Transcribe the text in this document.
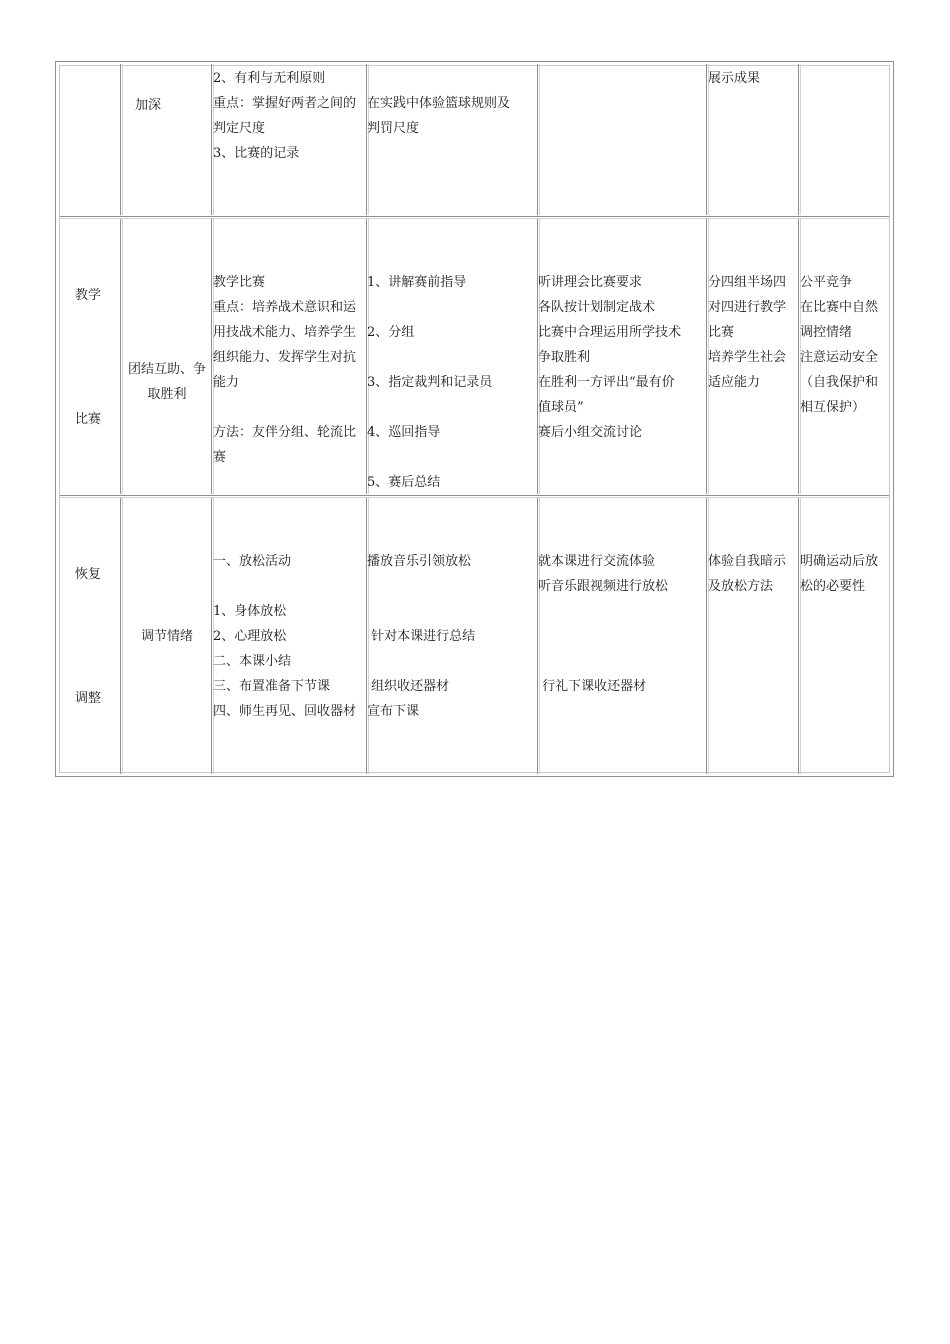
加深
2、有利与无利原则
重点：掌握好两者之间的
判定尺度
3、比赛的记录
在实践中体验篮球规则及
判罚尺度
展示成果
教学
比赛
团结互助、争
取胜利
教学比赛
重点：培养战术意识和运
用技战术能力、培养学生
组织能力、发挥学生对抗
能力
方法：友伴分组、轮流比
赛
1、讲解赛前指导
2、分组
3、指定裁判和记录员
4、巡回指导
5、赛后总结
听讲理会比赛要求
各队按计划制定战术
比赛中合理运用所学技术
争取胜利
在胜利一方评出“最有价
值球员”
赛后小组交流讨论
分四组半场四
对四进行教学
比赛
培养学生社会
适应能力
公平竞争
在比赛中自然
调控情绪
注意运动安全
（自我保护和
相互保护）
恢复
调整
调节情绪
一、放松活动
1、身体放松
2、心理放松
二、本课小结
三、布置准备下节课
四、师生再见、回收器材
播放音乐引领放松
针对本课进行总结
组织收还器材
宣布下课
就本课进行交流体验
听音乐跟视频进行放松
行礼下课收还器材
体验自我暗示
及放松方法
明确运动后放
松的必要性
